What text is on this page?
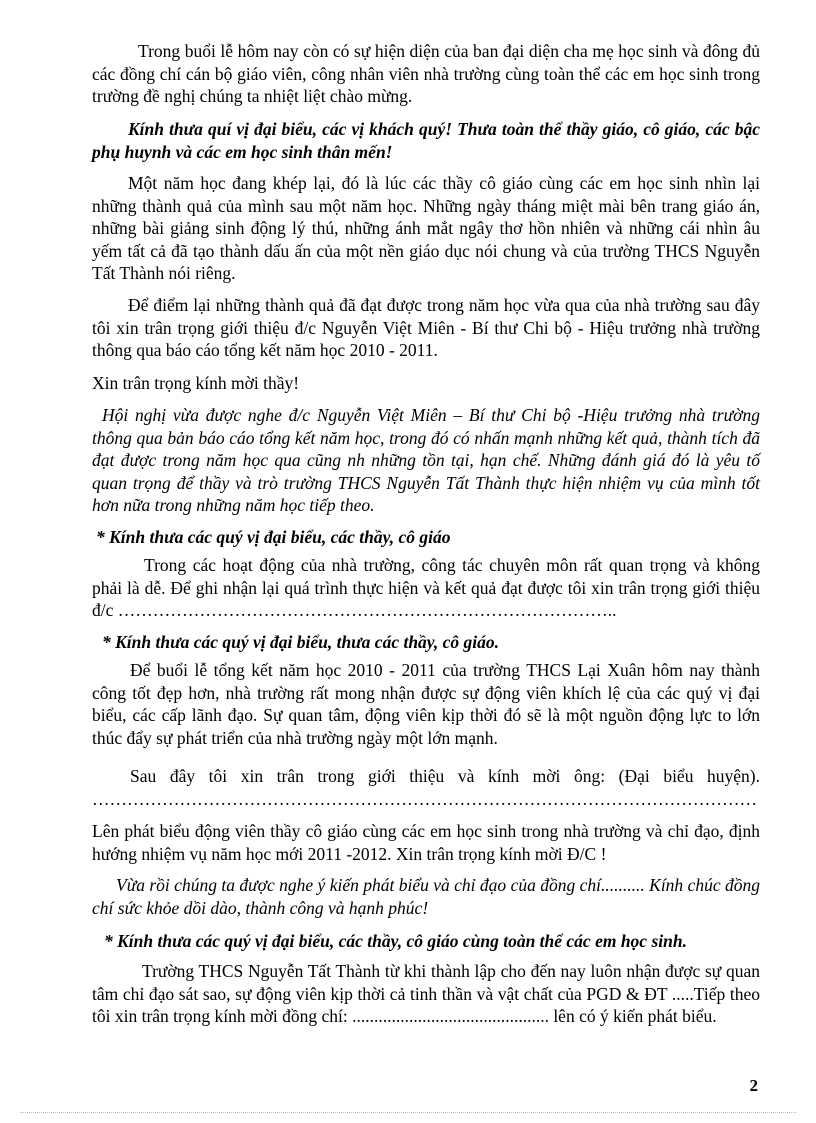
Trong buổi lễ hôm nay còn có sự hiện diện của ban đại diện cha mẹ học sinh và đông đủ các đồng chí cán bộ giáo viên, công nhân viên nhà trường cùng toàn thể các em học sinh trong trường đề nghị chúng ta nhiệt liệt chào mừng.

Kính thưa quí vị đại biểu, các vị khách quý! Thưa toàn thể thầy giáo, cô giáo, các bậc phụ huynh và các em học sinh thân mến!

Một năm học đang khép lại, đó là lúc các thầy cô giáo cùng các em học sinh nhìn lại những thành quả của mình sau một năm học. Những ngày tháng miệt mài bên trang giáo án, những bài giảng sinh động lý thú, những ánh mắt ngây thơ hồn nhiên và những cái nhìn âu yếm tất cả đã tạo thành dấu ấn của một nền giáo dục nói chung và của trường THCS Nguyễn Tất Thành nói riêng.

Để điểm lại những thành quả đã đạt được trong năm học vừa qua của nhà trường sau đây tôi xin trân trọng giới thiệu đ/c Nguyễn Việt Miên - Bí thư Chi bộ - Hiệu trưởng nhà trường thông qua báo cáo tổng kết năm học 2010 - 2011.

Xin trân trọng kính mời thầy!

Hội nghị vừa được nghe đ/c Nguyễn Việt Miên – Bí thư Chi bộ -Hiệu trưởng nhà trường thông qua bản báo cáo tổng kết năm học, trong đó có nhấn mạnh những kết quả, thành tích đã đạt được trong năm học qua cũng nh những tồn tại, hạn chế. Những đánh giá đó là yêu tố quan trọng để thầy và trò trường THCS Nguyễn Tất Thành thực hiện nhiệm vụ của mình tốt hơn nữa trong những năm học tiếp theo.

* Kính thưa các quý vị đại biểu, các thầy, cô giáo

Trong các hoạt động của nhà trường, công tác chuyên môn rất quan trọng và không phải là dễ. Để ghi nhận lại quá trình thực hiện và kết quả đạt được tôi xin trân trọng giới thiệu đ/c …………………………………………………………………………..

* Kính thưa các quý vị đại biểu, thưa các thầy, cô giáo.

Để buổi lễ tổng kết năm học 2010 - 2011 của trường THCS Lại Xuân hôm nay thành công tốt đẹp hơn, nhà trường rất mong nhận được sự động viên khích lệ của các quý vị đại biểu, các cấp lãnh đạo. Sự quan tâm, động viên kịp thời đó sẽ là một nguồn động lực to lớn thúc đẩy sự phát triển của nhà trường ngày một lớn mạnh.

Sau đây tôi xin trân trong giới thiệu và kính mời ông: (Đại biểu huyện). ……………………………………………………………………………………………………

Lên phát biểu động viên thầy cô giáo cùng các em học sinh trong nhà trường và chỉ đạo, định hướng nhiệm vụ năm học mới 2011 -2012. Xin trân trọng kính mời Đ/C !

Vừa rồi chúng ta được nghe ý kiến phát biểu và chỉ đạo của đồng chí.......... Kính chúc đồng chí sức khỏe dồi dào, thành công và hạnh phúc!

* Kính thưa các quý vị đại biểu, các thầy, cô giáo cùng toàn thể các em học sinh.

Trường THCS Nguyễn Tất Thành từ khi thành lập cho đến nay luôn nhận được sự quan tâm chỉ đạo sát sao, sự động viên kịp thời cả tinh thần và vật chất của PGD & ĐT .....Tiếp theo tôi xin trân trọng kính mời đồng chí: ............................................. lên có ý kiến phát biểu.

2
